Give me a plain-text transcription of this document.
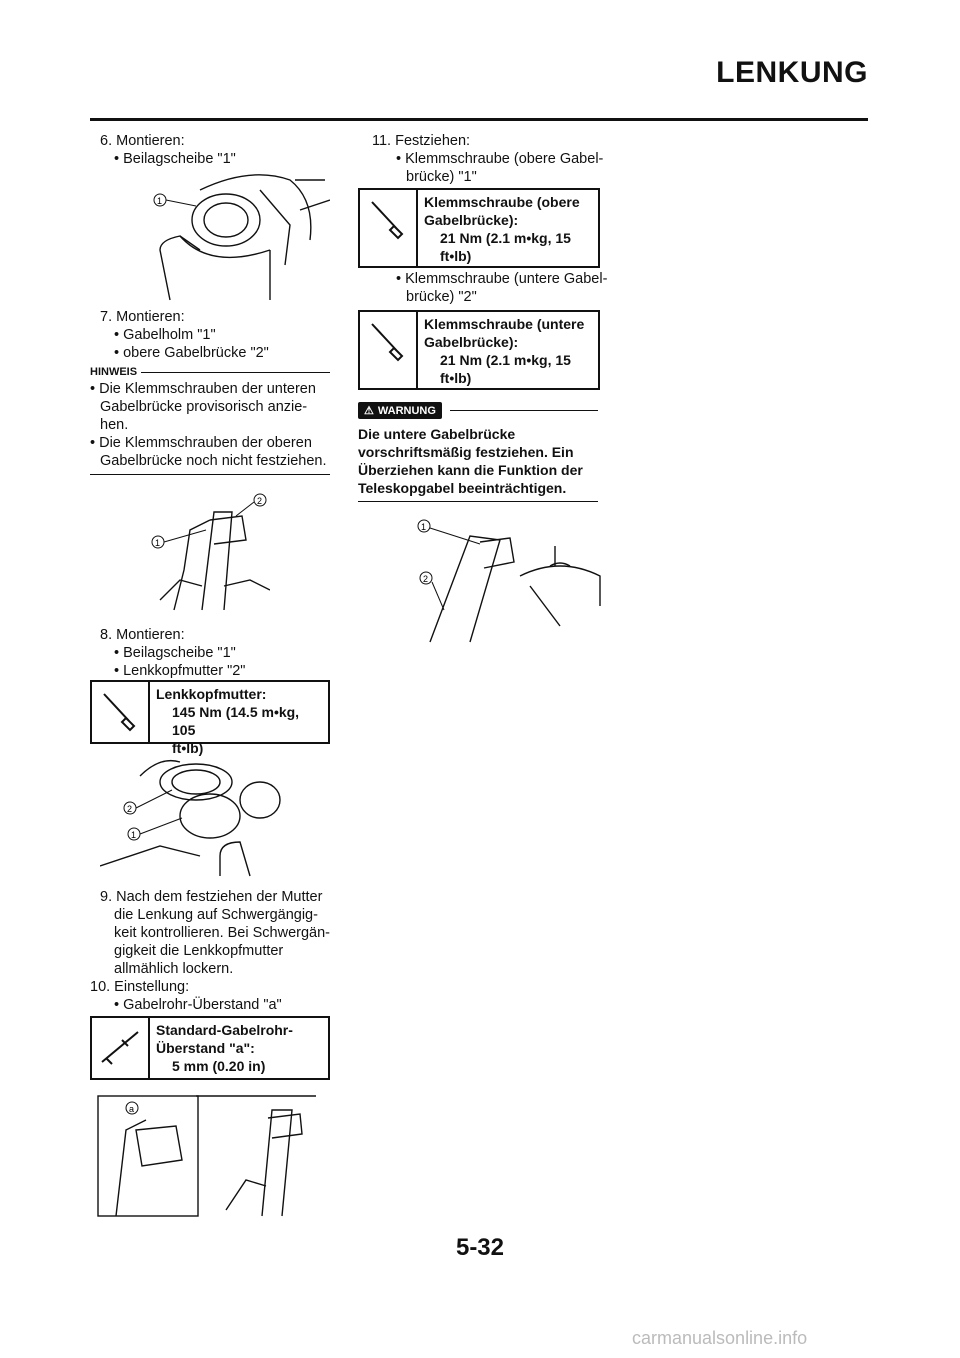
LENKUNG
6. Montieren:
• Beilagscheibe "1"
1
7. Montieren:
• Gabelholm "1"
• obere Gabelbrücke "2"
HINWEIS
• Die Klemmschrauben der unteren
Gabelbrücke provisorisch anzie-
hen.
• Die Klemmschrauben der oberen
Gabelbrücke noch nicht festziehen.
1
2
8. Montieren:
• Beilagscheibe "1"
• Lenkkopfmutter "2"
Lenkkopfmutter:
145 Nm (14.5 m•kg, 105
ft•lb)
2
1
9. Nach dem festziehen der Mutter
die Lenkung auf Schwergängig-
keit kontrollieren. Bei Schwergän-
gigkeit die Lenkkopfmutter
allmählich lockern.
10. Einstellung:
• Gabelrohr-Überstand "a"
Standard-Gabelrohr-
Überstand "a":
5 mm (0.20 in)
a
11. Festziehen:
• Klemmschraube (obere Gabel-
brücke) "1"
Klemmschraube (obere
Gabelbrücke):
21 Nm (2.1 m•kg, 15
ft•lb)
• Klemmschraube (untere Gabel-
brücke) "2"
Klemmschraube (untere
Gabelbrücke):
21 Nm (2.1 m•kg, 15
ft•lb)
⚠ WARNUNG
Die untere Gabelbrücke
vorschriftsmäßig festziehen. Ein
Überziehen kann die Funktion der
Teleskopgabel beeinträchtigen.
1
2
5-32
carmanualsonline.info
